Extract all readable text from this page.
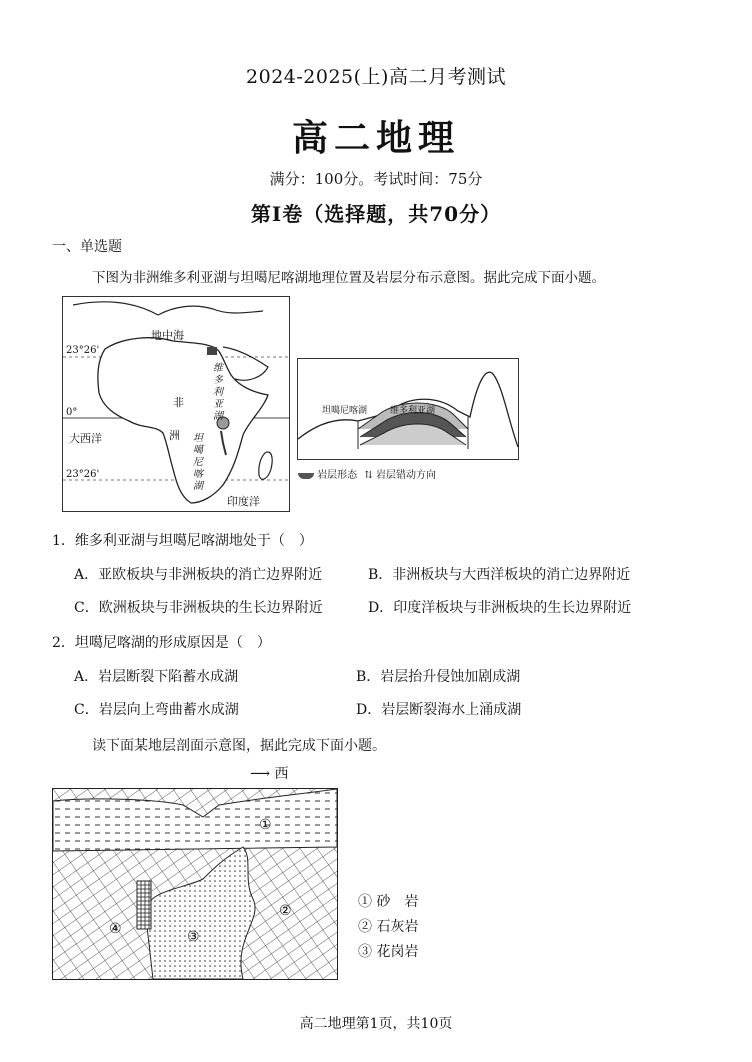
2024-2025(上)高二月考测试
高二地理
满分：100分。考试时间：75分
第Ⅰ卷（选择题，共70分）
一、单选题
下图为非洲维多利亚湖与坦噶尼喀湖地理位置及岩层分布示意图。据此完成下面小题。
地中海
23°26'
0°
23°26'
非
洲
大西洋
印度洋
维多利亚湖
坦噶尼喀湖
坦噶尼喀湖	维多利亚湖
岩层形态 ⇅ 岩层错动方向
1．维多利亚湖与坦噶尼喀湖地处于（　）
A．亚欧板块与非洲板块的消亡边界附近	B．非洲板块与大西洋板块的消亡边界附近
C．欧洲板块与非洲板块的生长边界附近	D．印度洋板块与非洲板块的生长边界附近
2．坦噶尼喀湖的形成原因是（　）
A．岩层断裂下陷蓄水成湖	B．岩层抬升侵蚀加剧成湖
C．岩层向上弯曲蓄水成湖	D．岩层断裂海水上涌成湖
读下面某地层剖面示意图，据此完成下面小题。
⟶ 西
①
②
③
④
① 砂　岩
② 石灰岩
③ 花岗岩
高二地理第1页，共10页
